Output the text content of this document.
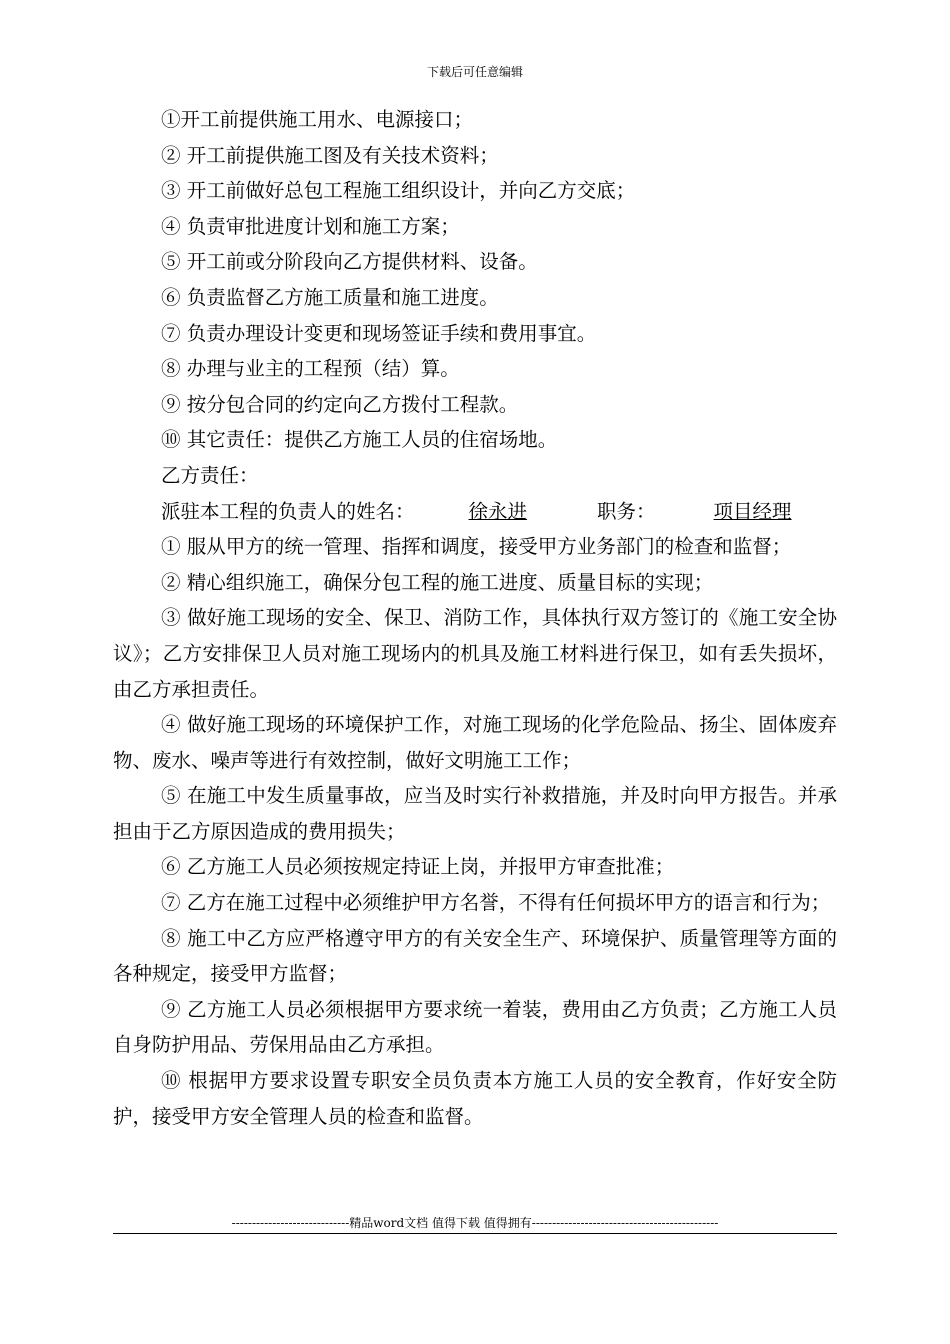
下载后可任意编辑

①开工前提供施工用水、电源接口；

② 开工前提供施工图及有关技术资料；

③ 开工前做好总包工程施工组织设计，并向乙方交底；

④ 负责审批进度计划和施工方案；

⑤ 开工前或分阶段向乙方提供材料、设备。

⑥ 负责监督乙方施工质量和施工进度。

⑦ 负责办理设计变更和现场签证手续和费用事宜。

⑧ 办理与业主的工程预（结）算。

⑨ 按分包合同的约定向乙方拨付工程款。

⑩ 其它责任：提供乙方施工人员的住宿场地。

乙方责任：

派驻本工程的负责人的姓名：	徐永进	职务：	项目经理

① 服从甲方的统一管理、指挥和调度，接受甲方业务部门的检查和监督；

② 精心组织施工，确保分包工程的施工进度、质量目标的实现；

③ 做好施工现场的安全、保卫、消防工作，具体执行双方签订的《施工安全协议》；乙方安排保卫人员对施工现场内的机具及施工材料进行保卫，如有丢失损坏，由乙方承担责任。

④ 做好施工现场的环境保护工作，对施工现场的化学危险品、扬尘、固体废弃物、废水、噪声等进行有效控制，做好文明施工工作；

⑤ 在施工中发生质量事故，应当及时实行补救措施，并及时向甲方报告。并承担由于乙方原因造成的费用损失；

⑥ 乙方施工人员必须按规定持证上岗，并报甲方审查批准；

⑦ 乙方在施工过程中必须维护甲方名誉，不得有任何损坏甲方的语言和行为；

⑧ 施工中乙方应严格遵守甲方的有关安全生产、环境保护、质量管理等方面的各种规定，接受甲方监督；

⑨ 乙方施工人员必须根据甲方要求统一着装，费用由乙方负责；乙方施工人员自身防护用品、劳保用品由乙方承担。

⑩ 根据甲方要求设置专职安全员负责本方施工人员的安全教育，作好安全防护，接受甲方安全管理人员的检查和监督。

-----------------------------精品word文档 值得下载 值得拥有----------------------------------------------
